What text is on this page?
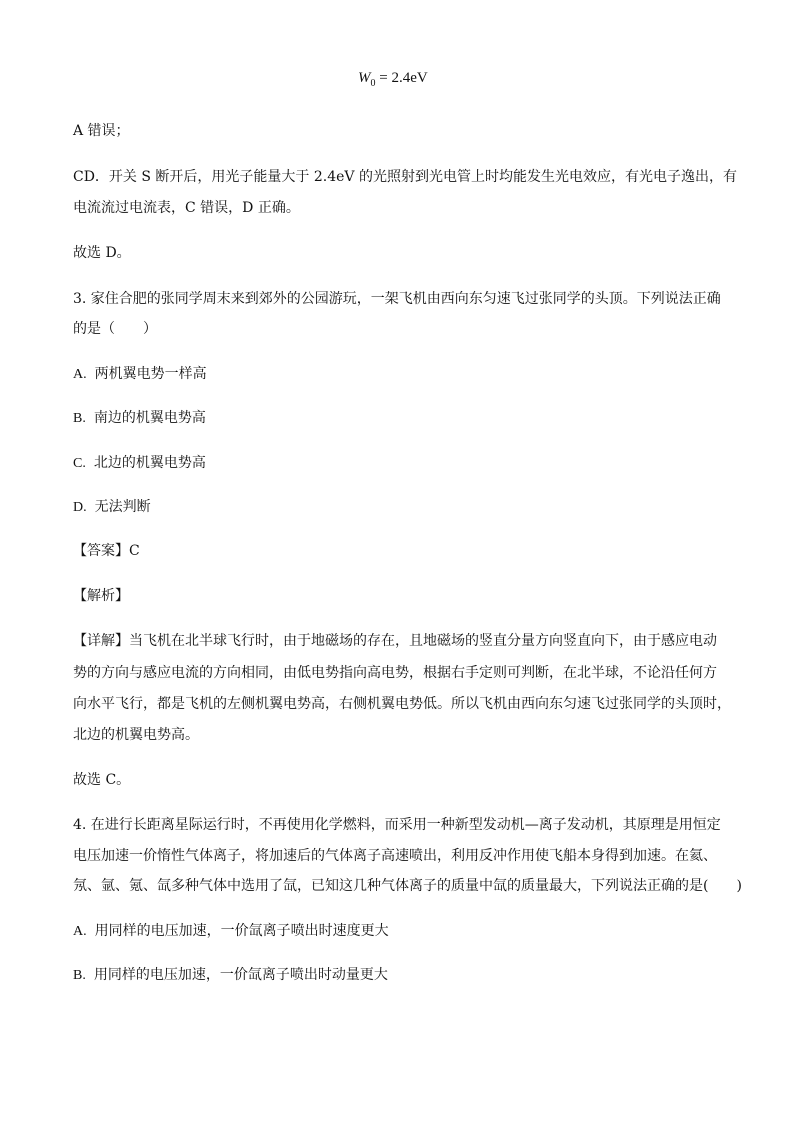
$W_0 = 2.4eV$
A 错误；
CD．开关 S 断开后，用光子能量大于 2.4eV 的光照射到光电管上时均能发生光电效应，有光电子逸出，有
电流流过电流表，C 错误，D 正确。
故选 D。
3. 家住合肥的张同学周末来到郊外的公园游玩，一架飞机由西向东匀速飞过张同学的头顶。下列说法正确
的是（　　）
A. 两机翼电势一样高
B. 南边的机翼电势高
C. 北边的机翼电势高
D. 无法判断
【答案】C
【解析】
【详解】当飞机在北半球飞行时，由于地磁场的存在，且地磁场的竖直分量方向竖直向下，由于感应电动
势的方向与感应电流的方向相同，由低电势指向高电势，根据右手定则可判断，在北半球，不论沿任何方
向水平飞行，都是飞机的左侧机翼电势高，右侧机翼电势低。所以飞机由西向东匀速飞过张同学的头顶时，
北边的机翼电势高。
故选 C。
4. 在进行长距离星际运行时，不再使用化学燃料，而采用一种新型发动机—离子发动机，其原理是用恒定
电压加速一价惰性气体离子，将加速后的气体离子高速喷出，利用反冲作用使飞船本身得到加速。在氦、
氖、氩、氪、氙多种气体中选用了氙，已知这几种气体离子的质量中氙的质量最大，下列说法正确的是(　　)
A. 用同样的电压加速，一价氙离子喷出时速度更大
B. 用同样的电压加速，一价氙离子喷出时动量更大
